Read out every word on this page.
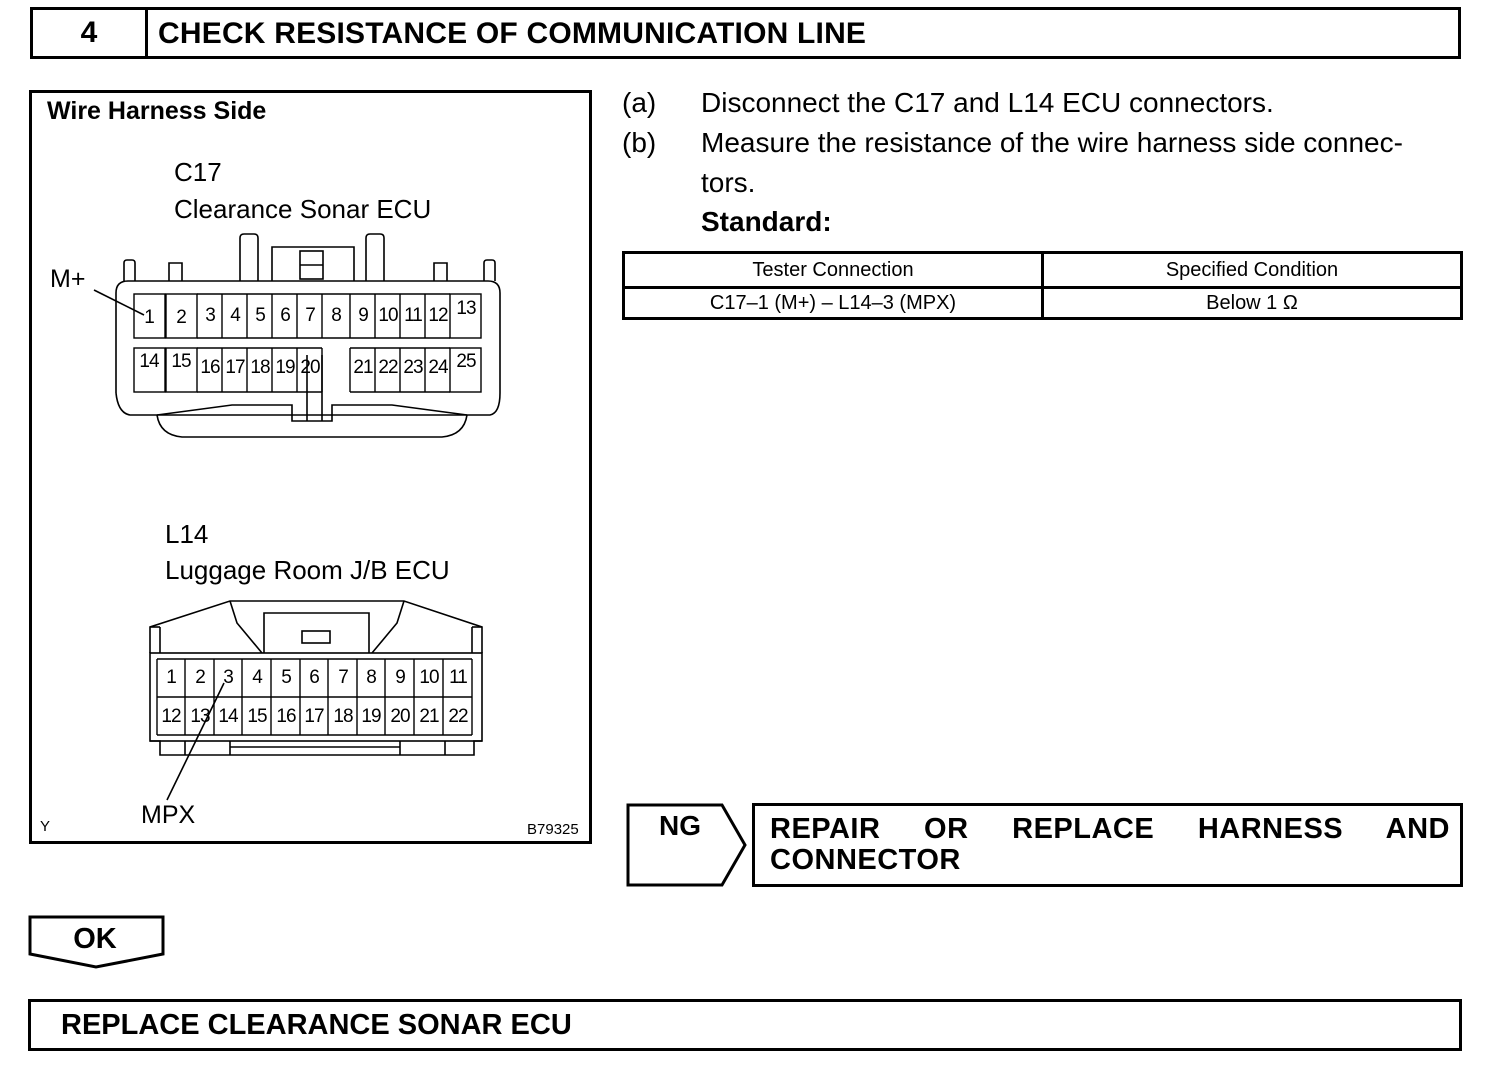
4	CHECK RESISTANCE OF COMMUNICATION LINE
Wire Harness Side
C17
Clearance Sonar ECU
L14
Luggage Room J/B ECU
1	2	3 4 5 6 7 8 9 10 11 12 13
14 15 16 17 18 19 20	21 22 23 24 25
1	2 3	4	5 6	7 8	9 10 11
12 13 14 15 16 17 18 19 20 21 22
M+
MPX
Y	B79325
(a) Disconnect the C17 and L14 ECU connectors.
(b) Measure the resistance of the wire harness side connec-
tors.
Standard:
Tester Connection	Specified Condition
C17–1 (M+) – L14–3 (MPX)	Below 1 Ω
NG	REPAIR OR REPLACE HARNESS AND CONNECTOR
OK
REPLACE CLEARANCE SONAR ECU
